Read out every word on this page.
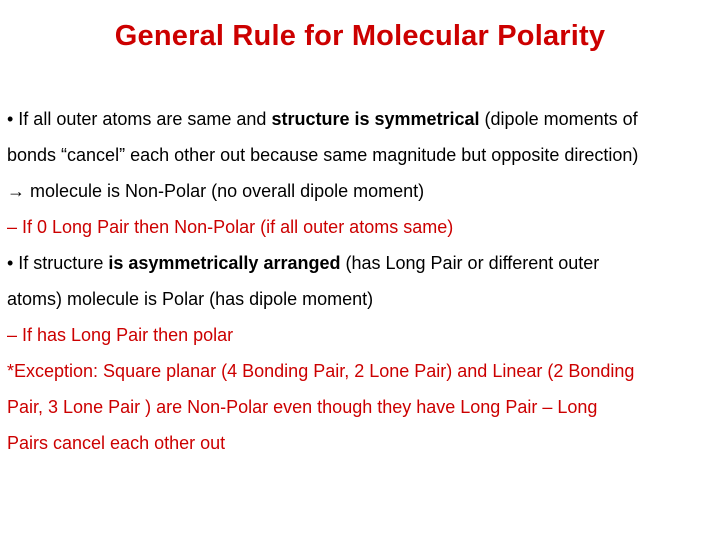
General Rule for Molecular Polarity
• If all outer atoms are same and structure is symmetrical (dipole moments of
bonds “cancel” each other out because same magnitude but opposite direction)
→ molecule is Non-Polar (no overall dipole moment)
– If 0 Long Pair then Non-Polar (if all outer atoms same)
• If structure is asymmetrically arranged (has Long Pair or different outer
atoms) molecule is Polar (has dipole moment)
– If has Long Pair then polar
*Exception: Square planar (4 Bonding Pair, 2 Lone Pair) and Linear (2 Bonding
Pair, 3 Lone Pair ) are Non-Polar even though they have Long Pair – Long
Pairs cancel each other out
